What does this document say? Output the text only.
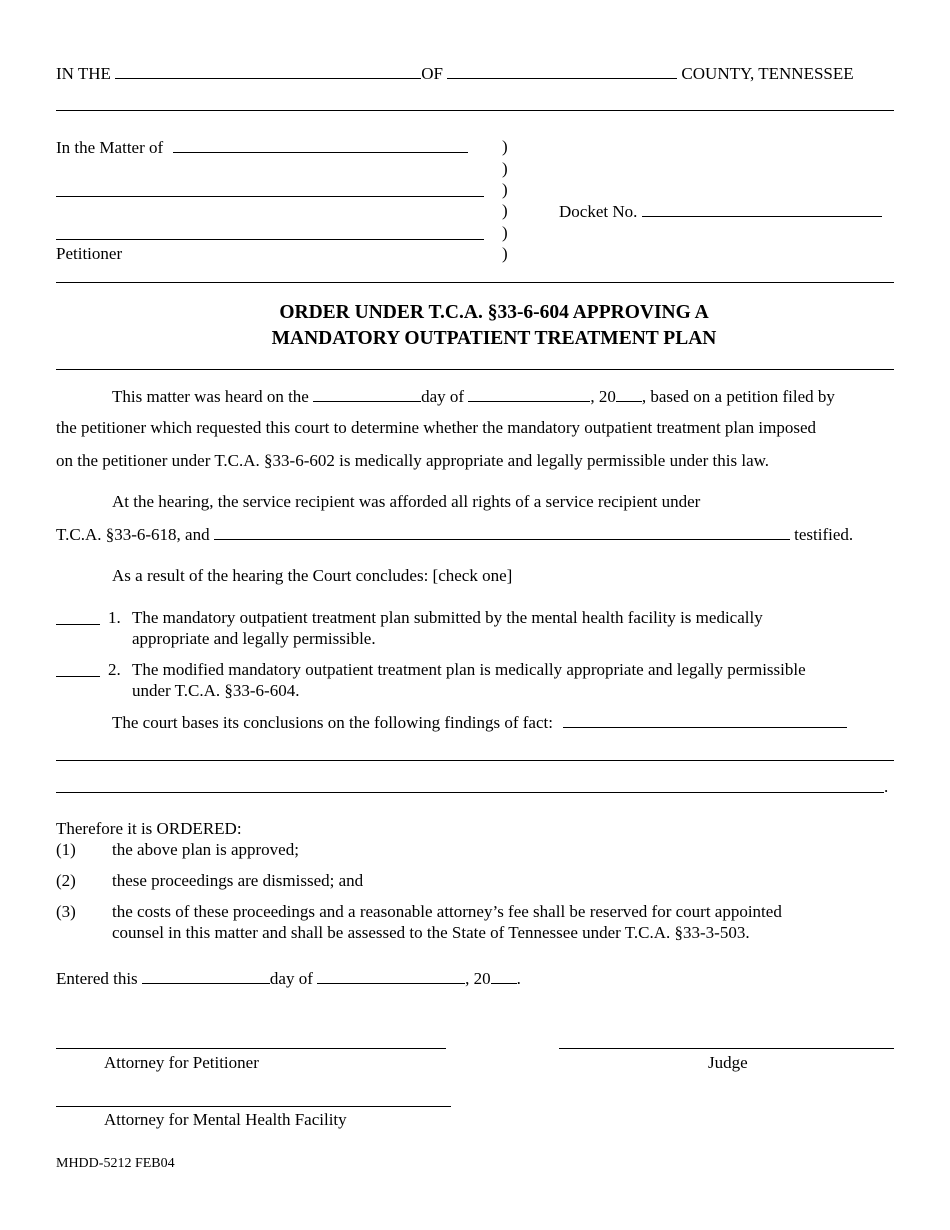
IN THE	OF	COUNTY, TENNESSEE
In the Matter of
Petitioner
)
)
)
)
)
)
Docket No.
ORDER UNDER T.C.A. §33-6-604 APPROVING A
MANDATORY OUTPATIENT TREATMENT PLAN
This matter was heard on the	day of	, 20 , based on a petition filed by
the petitioner which requested this court to determine whether the mandatory outpatient treatment plan imposed
on the petitioner under T.C.A. §33-6-602 is medically appropriate and legally permissible under this law.
At the hearing, the service recipient was afforded all rights of a service recipient under
T.C.A. §33-6-618, and	testified.
As a result of the hearing the Court concludes: [check one]
1. The mandatory outpatient treatment plan submitted by the mental health facility is medically
appropriate and legally permissible.
2. The modified mandatory outpatient treatment plan is medically appropriate and legally permissible
under T.C.A. §33-6-604.
The court bases its conclusions on the following findings of fact:
.
Therefore it is ORDERED:
(1) the above plan is approved;
(2) these proceedings are dismissed; and
(3) the costs of these proceedings and a reasonable attorney’s fee shall be reserved for court appointed
counsel in this matter and shall be assessed to the State of Tennessee under T.C.A. §33-3-503.
Entered this	day of	, 20 .
Attorney for Petitioner	Judge
Attorney for Mental Health Facility
MHDD-5212 FEB04
